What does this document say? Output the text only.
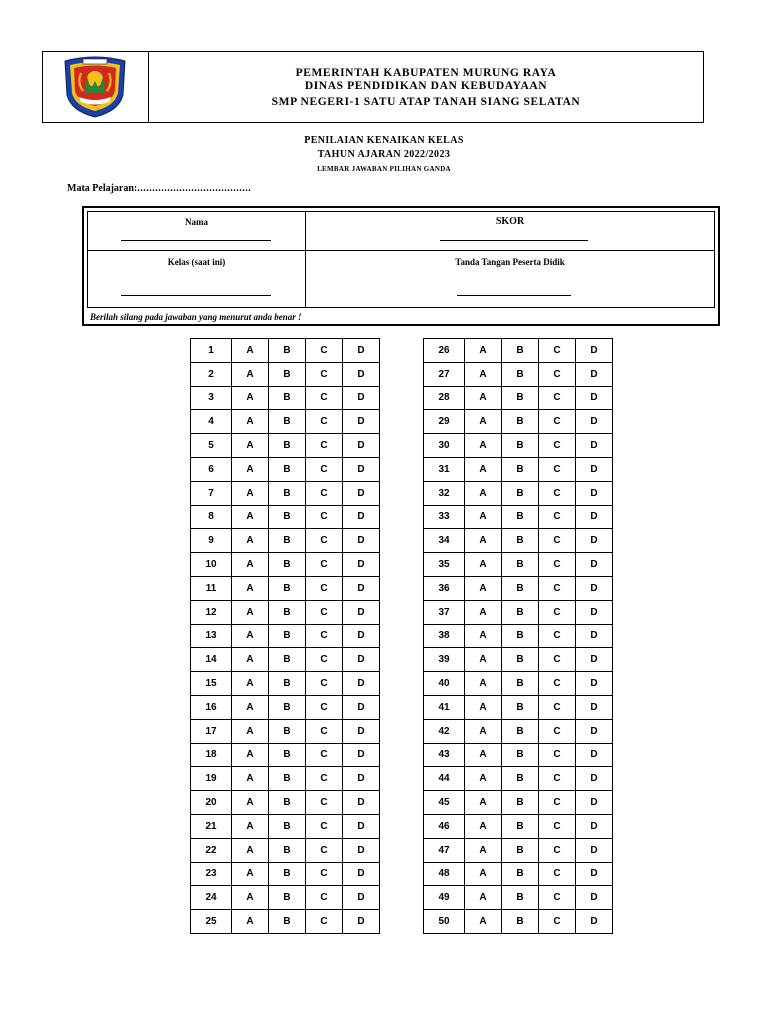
PEMERINTAH KABUPATEN MURUNG RAYA
DINAS PENDIDIKAN DAN KEBUDAYAAN
SMP NEGERI-1 SATU ATAP TANAH SIANG SELATAN
PENILAIAN KENAIKAN KELAS
TAHUN AJARAN 2022/2023
LEMBAR JAWABAN PILIHAN GANDA
Mata Pelajaran:......................................
Nama	SKOR
Kelas (saat ini)	Tanda Tangan Peserta Didik
Berilah silang pada jawaban yang menurut anda benar !
1	A	B	C	D
2	A	B	C	D
3	A	B	C	D
4	A	B	C	D
5	A	B	C	D
6	A	B	C	D
7	A	B	C	D
8	A	B	C	D
9	A	B	C	D
10	A	B	C	D
11	A	B	C	D
12	A	B	C	D
13	A	B	C	D
14	A	B	C	D
15	A	B	C	D
16	A	B	C	D
17	A	B	C	D
18	A	B	C	D
19	A	B	C	D
20	A	B	C	D
21	A	B	C	D
22	A	B	C	D
23	A	B	C	D
24	A	B	C	D
25	A	B	C	D
26	A	B	C	D
27	A	B	C	D
28	A	B	C	D
29	A	B	C	D
30	A	B	C	D
31	A	B	C	D
32	A	B	C	D
33	A	B	C	D
34	A	B	C	D
35	A	B	C	D
36	A	B	C	D
37	A	B	C	D
38	A	B	C	D
39	A	B	C	D
40	A	B	C	D
41	A	B	C	D
42	A	B	C	D
43	A	B	C	D
44	A	B	C	D
45	A	B	C	D
46	A	B	C	D
47	A	B	C	D
48	A	B	C	D
49	A	B	C	D
50	A	B	C	D
